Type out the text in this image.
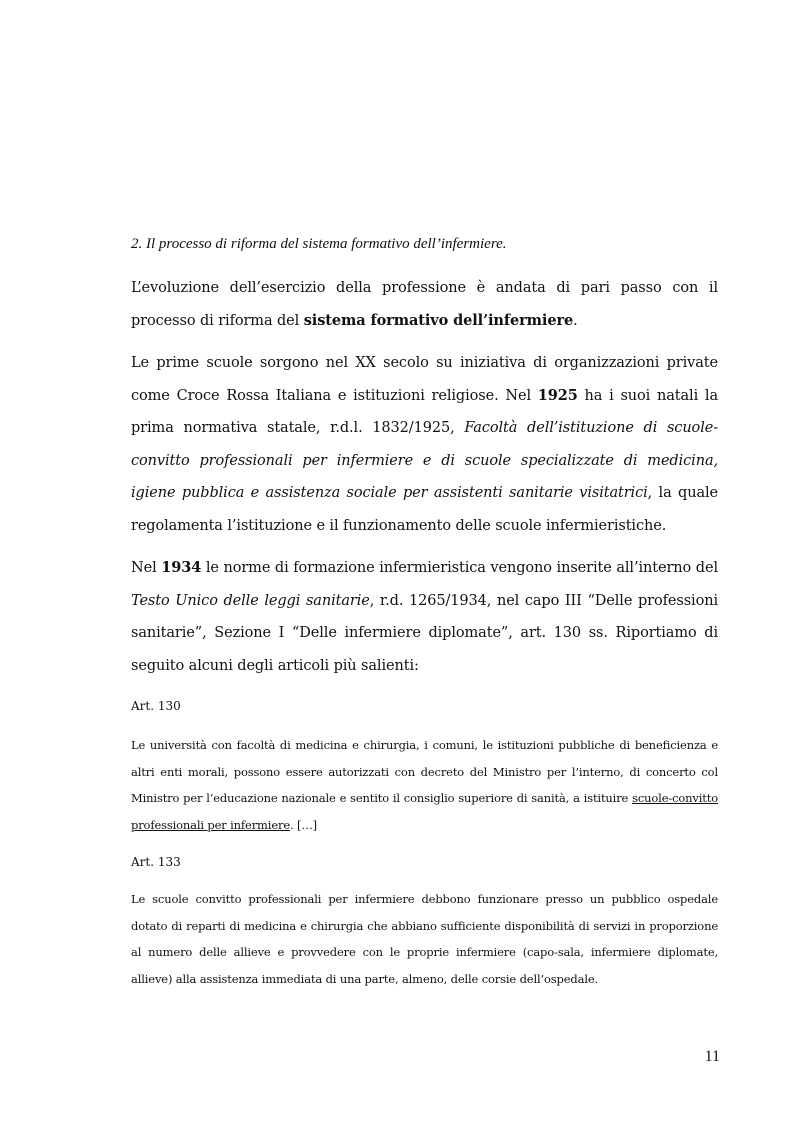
2. Il processo di riforma del sistema formativo dell’infermiere.

L’evoluzione dell’esercizio della professione è andata di pari passo con il processo di riforma del sistema formativo dell’infermiere.

Le prime scuole sorgono nel XX secolo su iniziativa di organizzazioni private come Croce Rossa Italiana e istituzioni religiose. Nel 1925 ha i suoi natali la prima normativa statale, r.d.l. 1832/1925, Facoltà dell’istituzione di scuole- convitto professionali per infermiere e di scuole specializzate di medicina, igiene pubblica e assistenza sociale per assistenti sanitarie visitatrici, la quale regolamenta l’istituzione e il funzionamento delle scuole infermieristiche.

Nel 1934 le norme di formazione infermieristica vengono inserite all’interno del Testo Unico delle leggi sanitarie, r.d. 1265/1934, nel capo III “Delle professioni sanitarie”, Sezione I “Delle infermiere diplomate”, art. 130 ss. Riportiamo di seguito alcuni degli articoli più salienti:

Art. 130

Le università con facoltà di medicina e chirurgia, i comuni, le istituzioni pubbliche di beneficienza e altri enti morali, possono essere autorizzati con decreto del Ministro per l’interno, di concerto col Ministro per l’educazione nazionale e sentito il consiglio superiore di sanità, a istituire scuole-convitto professionali per infermiere. […]

Art. 133

Le scuole convitto professionali per infermiere debbono funzionare presso un pubblico ospedale dotato di reparti di medicina e chirurgia che abbiano sufficiente disponibilità di servizi in proporzione al numero delle allieve e provvedere con le proprie infermiere (capo-sala, infermiere diplomate, allieve) alla assistenza immediata di una parte, almeno, delle corsie dell’ospedale.

11
